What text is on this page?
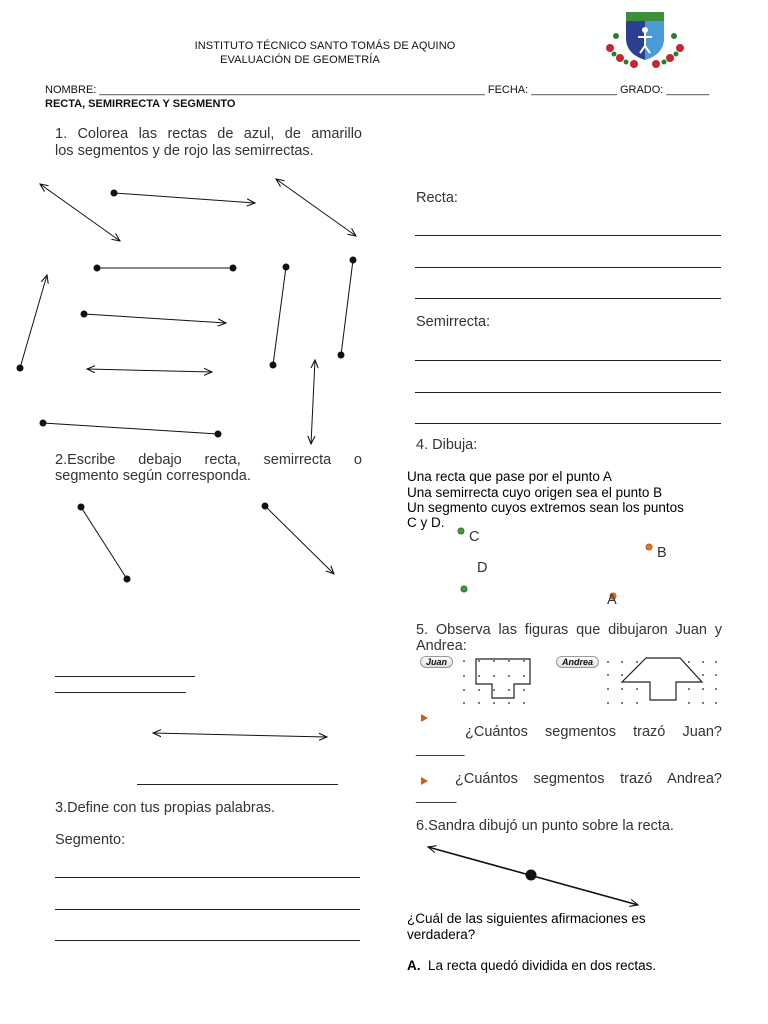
INSTITUTO TÉCNICO SANTO TOMÁS DE AQUINO
EVALUACIÓN DE GEOMETRÍA
NOMBRE: _______________________________________________________________ FECHA: ______________ GRADO: _______
RECTA, SEMIRRECTA Y SEGMENTO
1. Colorea las rectas de azul, de amarillo
los segmentos y de rojo las semirrectas.
Recta:
Semirrecta:
2.Escribe debajo recta, semirrecta o
segmento según corresponda.
3.Define con tus propias palabras.
Segmento:
4. Dibuja:
Una recta que pase por el punto A
Una semirrecta cuyo origen sea el punto B
Un segmento cuyos extremos sean los puntos
C y D.
C
B
D
A
5. Observa las figuras que dibujaron Juan y
Andrea:
Juan	Andrea
¿Cuántos segmentos trazó Juan?
______
¿Cuántos segmentos trazó Andrea?
_____
6.Sandra dibujó un punto sobre la recta.
¿Cuál de las siguientes afirmaciones es
verdadera?
A. La recta quedó dividida en dos rectas.
